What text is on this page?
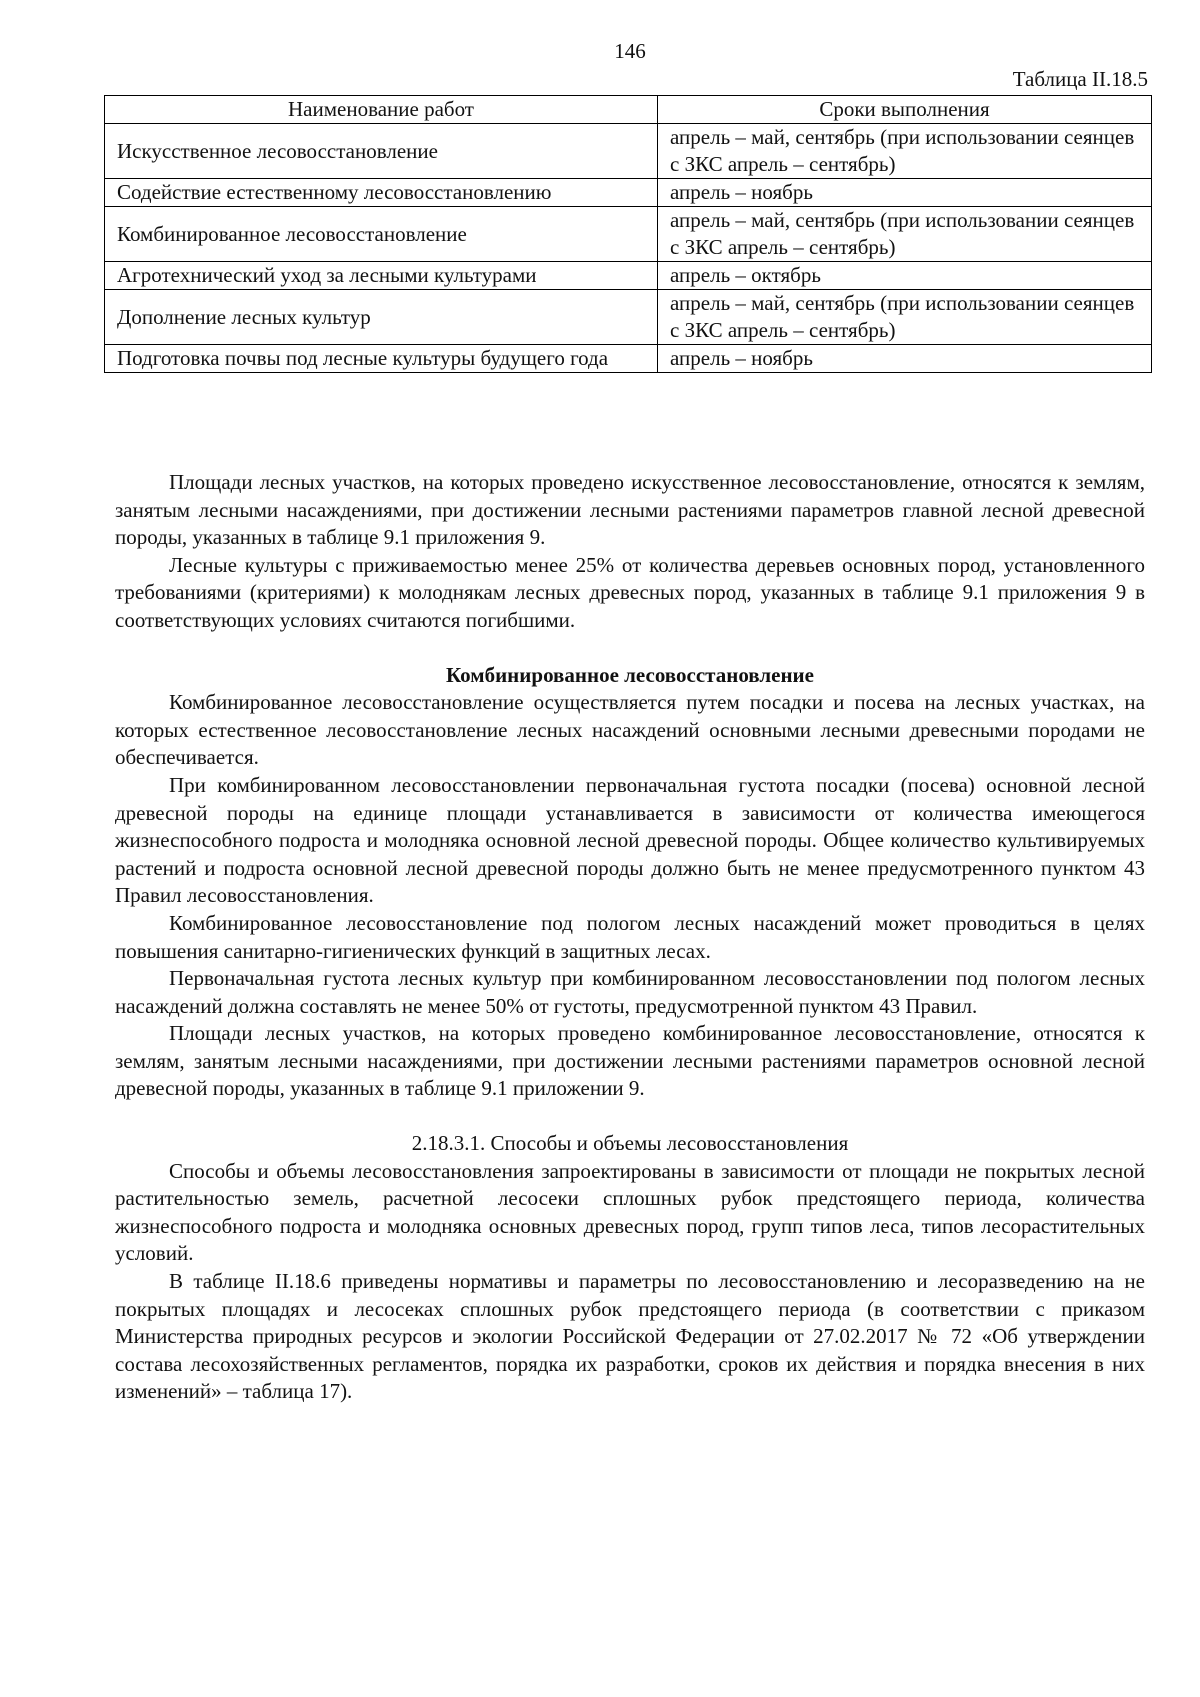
146
Таблица II.18.5
Наименование работ	Сроки выполнения
Искусственное лесовосстановление	апрель – май, сентябрь (при использовании сеянцев с ЗКС апрель – сентябрь)
Содействие естественному лесовосстановлению	апрель – ноябрь
Комбинированное лесовосстановление	апрель – май, сентябрь (при использовании сеянцев с ЗКС апрель – сентябрь)
Агротехнический уход за лесными культурами	апрель – октябрь
Дополнение лесных культур	апрель – май, сентябрь (при использовании сеянцев с ЗКС апрель – сентябрь)
Подготовка почвы под лесные культуры будущего года	апрель – ноябрь

Площади лесных участков, на которых проведено искусственное лесовосстановление, относятся к землям, занятым лесными насаждениями, при достижении лесными растениями параметров главной лесной древесной породы, указанных в таблице 9.1 приложения 9.

Лесные культуры с приживаемостью менее 25% от количества деревьев основных пород, установленного требованиями (критериями) к молоднякам лесных древесных пород, указанных в таблице 9.1 приложения 9 в соответствующих условиях считаются погибшими.

Комбинированное лесовосстановление

Комбинированное лесовосстановление осуществляется путем посадки и посева на лесных участках, на которых естественное лесовосстановление лесных насаждений основными лесными древесными породами не обеспечивается.

При комбинированном лесовосстановлении первоначальная густота посадки (посева) основной лесной древесной породы на единице площади устанавливается в зависимости от количества имеющегося жизнеспособного подроста и молодняка основной лесной древесной породы. Общее количество культивируемых растений и подроста основной лесной древесной породы должно быть не менее предусмотренного пунктом 43 Правил лесовосстановления.

Комбинированное лесовосстановление под пологом лесных насаждений может проводиться в целях повышения санитарно-гигиенических функций в защитных лесах.

Первоначальная густота лесных культур при комбинированном лесовосстановлении под пологом лесных насаждений должна составлять не менее 50% от густоты, предусмотренной пунктом 43 Правил.

Площади лесных участков, на которых проведено комбинированное лесовосстановление, относятся к землям, занятым лесными насаждениями, при достижении лесными растениями параметров основной лесной древесной породы, указанных в таблице 9.1 приложении 9.

2.18.3.1. Способы и объемы лесовосстановления

Способы и объемы лесовосстановления запроектированы в зависимости от площади не покрытых лесной растительностью земель, расчетной лесосеки сплошных рубок предстоящего периода, количества жизнеспособного подроста и молодняка основных древесных пород, групп типов леса, типов лесорастительных условий.

В таблице II.18.6 приведены нормативы и параметры по лесовосстановлению и лесоразведению на не покрытых площадях и лесосеках сплошных рубок предстоящего периода (в соответствии с приказом Министерства природных ресурсов и экологии Российской Федерации от 27.02.2017 № 72 «Об утверждении состава лесохозяйственных регламентов, порядка их разработки, сроков их действия и порядка внесения в них изменений» – таблица 17).
